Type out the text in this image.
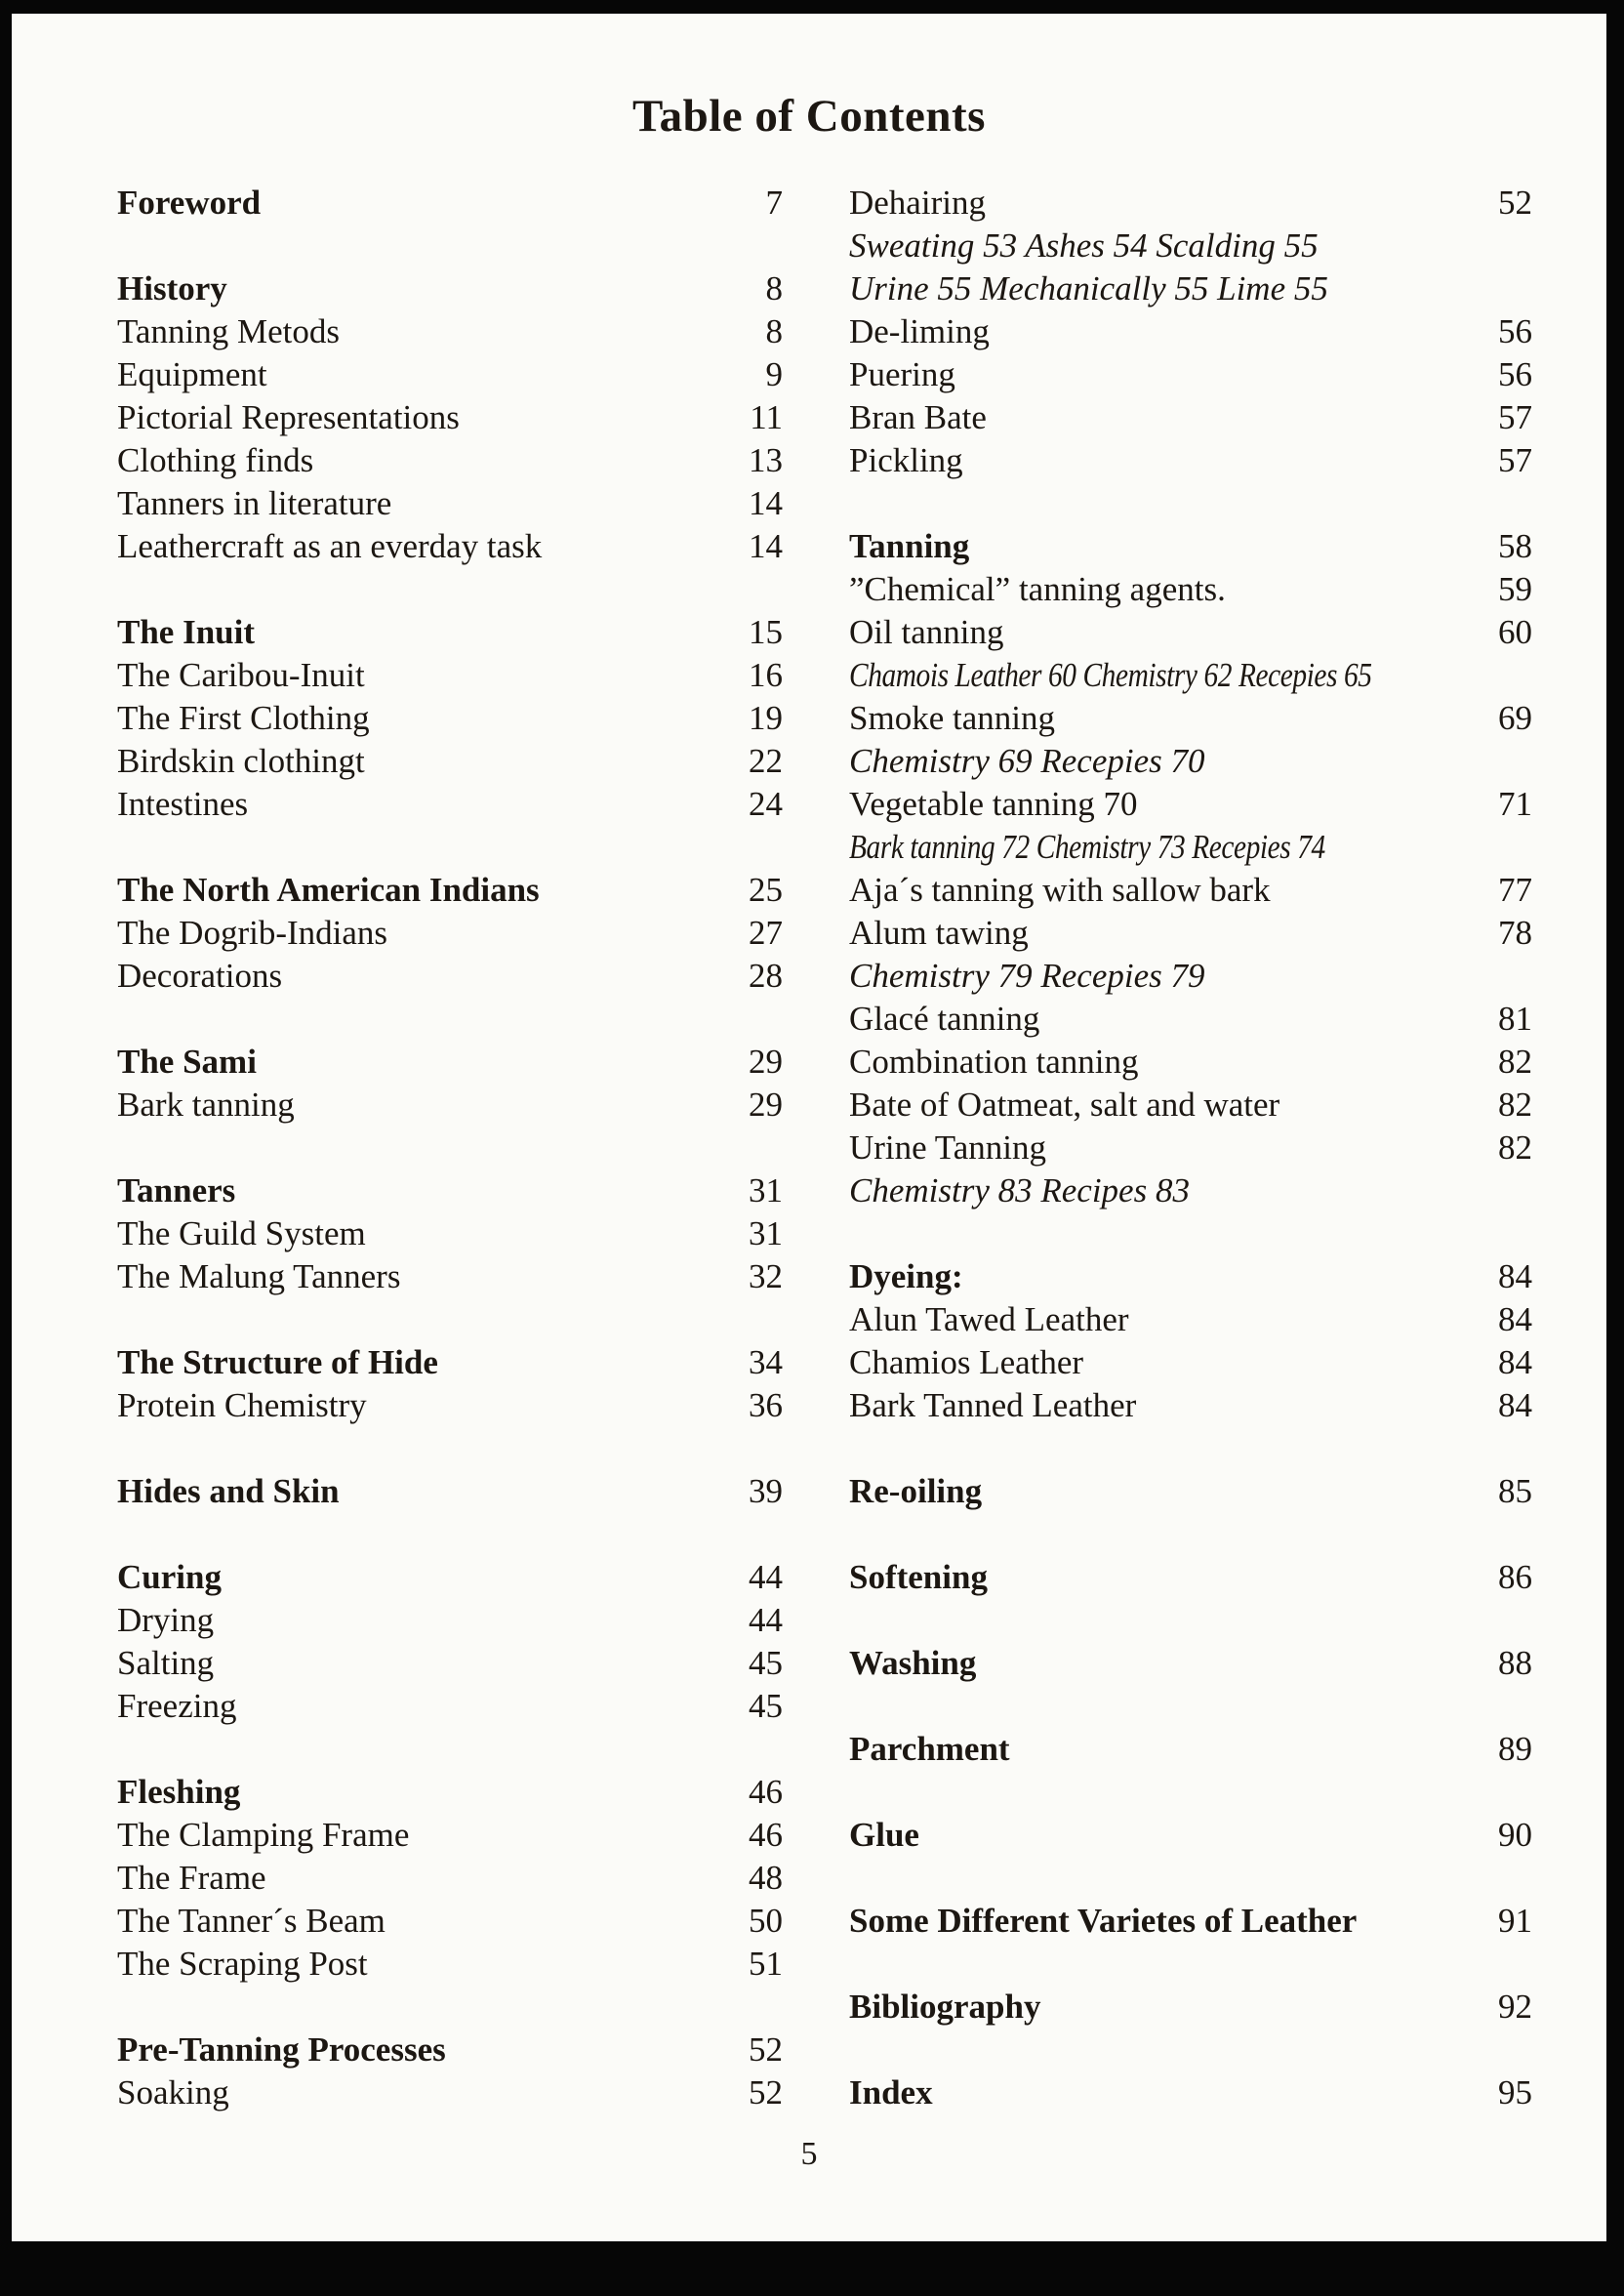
Table of Contents
Foreword	7
History	8
Tanning Metods	8
Equipment	9
Pictorial Representations	11
Clothing finds	13
Tanners in literature	14
Leathercraft as an everday task	14
The Inuit	15
The Caribou-Inuit	16
The First Clothing	19
Birdskin clothingt	22
Intestines	24
The North American Indians	25
The Dogrib-Indians	27
Decorations	28
The Sami	29
Bark tanning	29
Tanners	31
The Guild System	31
The Malung Tanners	32
The Structure of Hide	34
Protein Chemistry	36
Hides and Skin	39
Curing	44
Drying	44
Salting	45
Freezing	45
Fleshing	46
The Clamping Frame	46
The Frame	48
The Tanner´s Beam	50
The Scraping Post	51
Pre-Tanning Processes	52
Soaking	52
Dehairing	52
Sweating 53 Ashes 54 Scalding 55
Urine 55 Mechanically 55 Lime 55
De-liming	56
Puering	56
Bran Bate	57
Pickling	57
Tanning	58
”Chemical” tanning agents.	59
Oil tanning	60
Chamois Leather 60 Chemistry 62 Recepies 65
Smoke tanning	69
Chemistry 69 Recepies 70
Vegetable tanning 70	71
Bark tanning 72 Chemistry 73 Recepies 74
Aja´s tanning with sallow bark	77
Alum tawing	78
Chemistry 79 Recepies 79
Glacé tanning	81
Combination tanning	82
Bate of Oatmeat, salt and water	82
Urine Tanning	82
Chemistry 83 Recipes 83
Dyeing:	84
Alun Tawed Leather	84
Chamios Leather	84
Bark Tanned Leather	84
Re-oiling	85
Softening	86
Washing	88
Parchment	89
Glue	90
Some Different Varietes of Leather	91
Bibliography	92
Index	95
5
